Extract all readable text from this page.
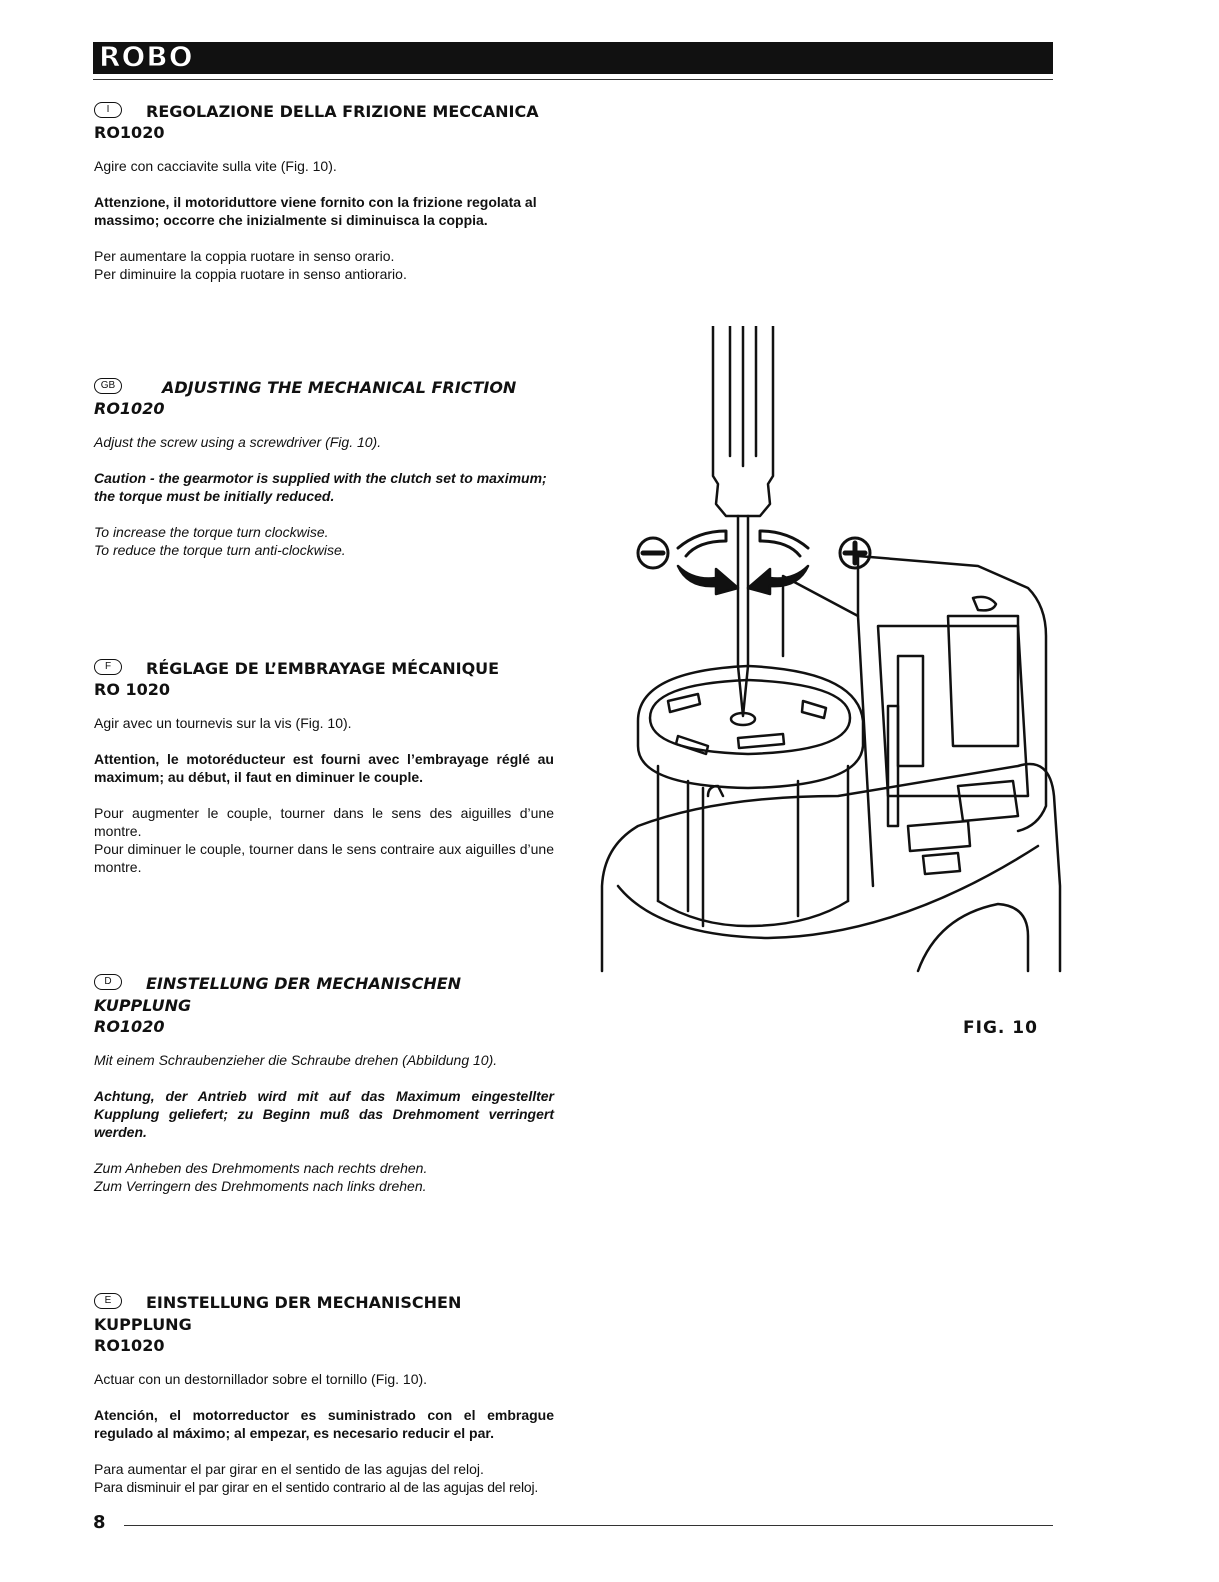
ROBO
I REGOLAZIONE DELLA FRIZIONE MECCANICA
RO1020

Agire con cacciavite sulla vite (Fig. 10).

Attenzione, il motoriduttore viene fornito con la frizione regolata al massimo; occorre che inizialmente si diminuisca la coppia.

Per aumentare la coppia ruotare in senso orario.
Per diminuire la coppia ruotare in senso antiorario.

GB	ADJUSTING THE MECHANICAL FRICTION
RO1020

Adjust the screw using a screwdriver (Fig. 10).

Caution - the gearmotor is supplied with the clutch set to maximum; the torque must be initially reduced.

To increase the torque turn clockwise.
To reduce the torque turn anti-clockwise.

F RÉGLAGE DE L’EMBRAYAGE MÉCANIQUE
RO 1020

Agir avec un tournevis sur la vis (Fig. 10).

Attention, le motoréducteur est fourni avec l’embrayage réglé au maximum; au début, il faut en diminuer le couple.

Pour augmenter le couple, tourner dans le sens des aiguilles d’une montre.
Pour diminuer le couple, tourner dans le sens contraire aux aiguilles d’une montre.

D EINSTELLUNG DER MECHANISCHEN KUPPLUNG
RO1020

Mit einem Schraubenzieher die Schraube drehen (Abbildung 10).

Achtung, der Antrieb wird mit auf das Maximum eingestellter Kupplung geliefert; zu Beginn muß das Drehmoment verringert werden.

Zum Anheben des Drehmoments nach rechts drehen.
Zum Verringern des Drehmoments nach links drehen.

E EINSTELLUNG DER MECHANISCHEN KUPPLUNG
RO1020

Actuar con un destornillador sobre el tornillo (Fig. 10).

Atención, el motorreductor es suministrado con el embrague regulado al máximo; al empezar, es necesario reducir el par.

Para aumentar el par girar en el sentido de las agujas del reloj.
Para disminuir el par girar en el sentido contrario al de las agujas del reloj.

FIG. 10
8
